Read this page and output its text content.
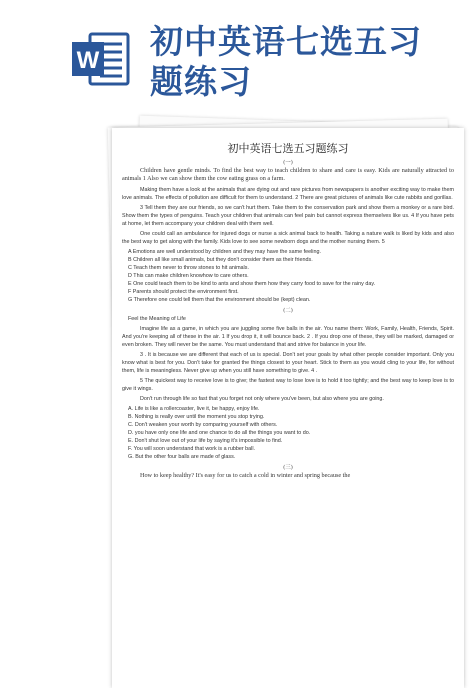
W 初中英语七选五习
题练习
初中英语七选五习题练习
(一)

Children have gentle minds. To find the best way to teach children to share and care is easy. Kids are naturally attracted to animals 1 Also we can show them the cow eating grass on a farm.

Making them have a look at the animals that are dying out and rare pictures from newspapers is another exciting way to make them love animals. The effects of pollution are difficult for them to understand. 2 There are great pictures of animals like cute rabbits and gorillas.

3 Tell them they are our friends, so we can't hurt them. Take them to the conservation park and show them a monkey or a rare bird. Show them the types of penguins. Teach your children that animals can feel pain but cannot express themselves like us. 4 If you have pets at home, let them accompany your children deal with them well.

One could call an ambulance for injured dogs or nurse a sick animal back to health. Taking a nature walk is liked by kids and also the best way to get along with the family. Kids love to see some newborn dogs and the mother nursing them. 5

A Emotions are well understood by children and they may have the same feeling.

B Children all like small animals, but they don't consider them as their friends.

C Teach them never to throw stones to hit animals.

D This can make children knowhow to care others.

E One could teach them to be kind to ants and show them how they carry food to save for the rainy day.

F Parents should protect the environment first.

G Therefore one could tell them that the environment should be (kept) clean.

(二)

Feel the Meaning of Life

Imagine life as a game, in which you are juggling some five balls in the air. You name them: Work, Family, Health, Friends, Spirit. And you're keeping all of these in the air. 1 If you drop it, it will bounce back. 2 . If you drop one of these, they will be marked, damaged or even broken. They will never be the same. You must understand that and strive for balance in your life.

3 . It is because we are different that each of us is special. Don't set your goals by what other people consider important. Only you know what is best for you. Don't take for granted the things closest to your heart. Stick to them as you would cling to your life, for without them, life is meaningless. Never give up when you still have something to give. 4 .

5 The quickest way to receive love is to give; the fastest way to lose love is to hold it too tightly; and the best way to keep love is to give it wings.

Don't run through life so fast that you forget not only where you've been, but also where you are going.

A. Life is like a rollercoaster, live it, be happy, enjoy life.

B. Nothing is really over until the moment you stop trying.

C. Don't weaken your worth by comparing yourself with others.

D. you have only one life and one chance to do all the things you want to do.

E. Don't shut love out of your life by saying it's impossible to find.

F. You will soon understand that work is a rubber ball.

G. But the other four balls are made of glass.

(三)

How to keep healthy? It's easy for us to catch a cold in winter and spring because the
